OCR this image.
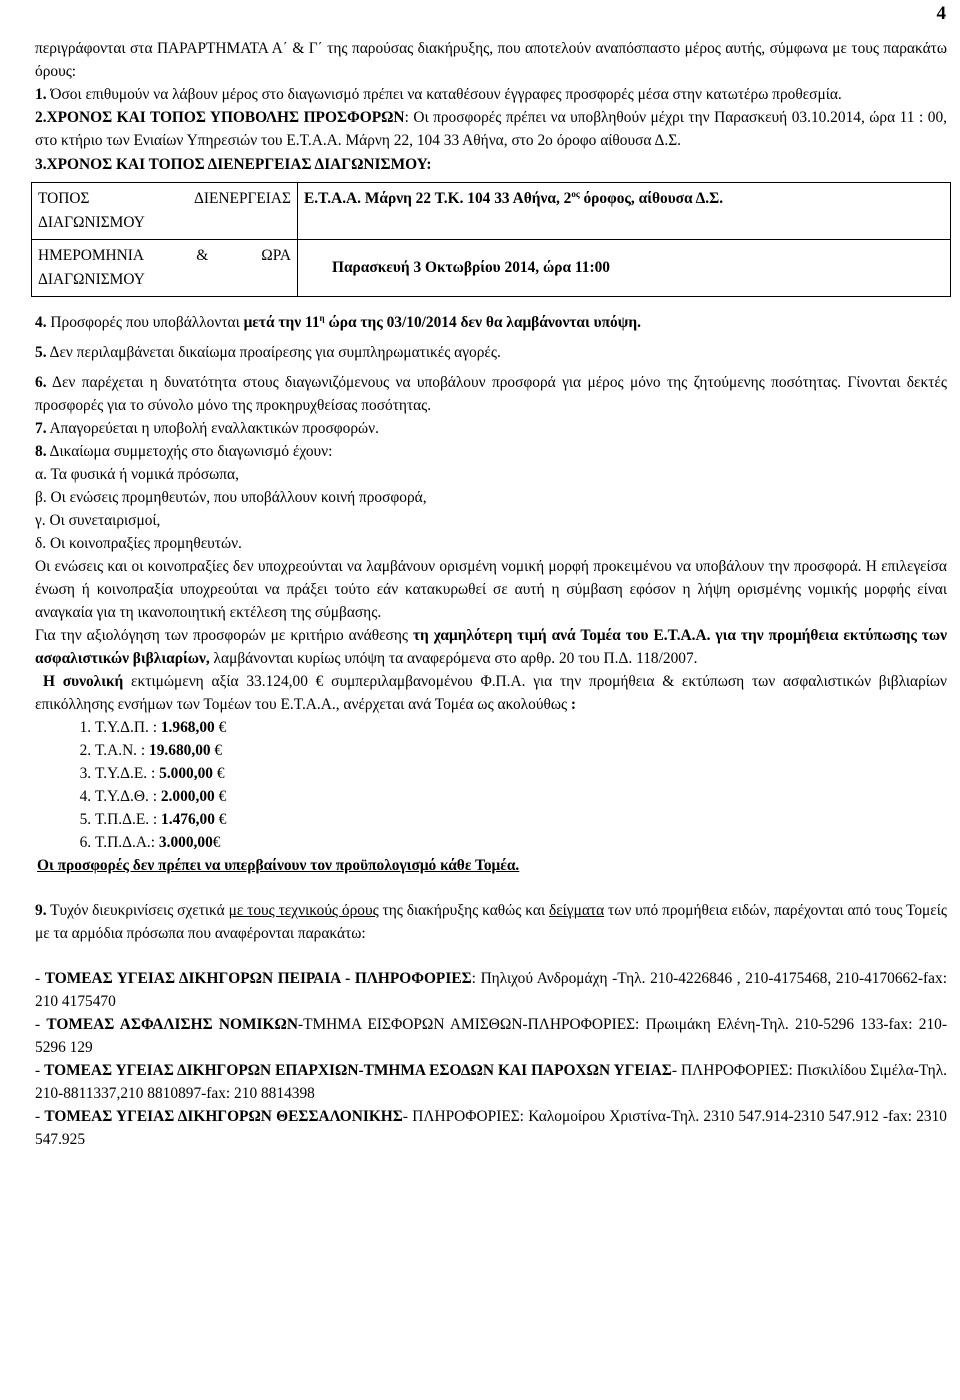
4

περιγράφονται στα ΠΑΡΑΡΤΗΜΑΤΑ Α΄ & Γ΄ της παρούσας διακήρυξης, που αποτελούν αναπόσπαστο μέρος αυτής, σύμφωνα με τους παρακάτω όρους:

1. Όσοι επιθυμούν να λάβουν μέρος στο διαγωνισμό πρέπει να καταθέσουν έγγραφες προσφορές μέσα στην κατωτέρω προθεσμία.

2.ΧΡΟΝΟΣ ΚΑΙ ΤΟΠΟΣ ΥΠΟΒΟΛΗΣ ΠΡΟΣΦΟΡΩΝ: Οι προσφορές πρέπει να υποβληθούν μέχρι την Παρασκευή 03.10.2014, ώρα 11 : 00, στο κτήριο των Ενιαίων Υπηρεσιών του Ε.Τ.Α.Α. Μάρνη 22, 104 33 Αθήνα, στο 2ο όροφο αίθουσα Δ.Σ.

3.ΧΡΟΝΟΣ ΚΑΙ ΤΟΠΟΣ ΔΙΕΝΕΡΓΕΙΑΣ ΔΙΑΓΩΝΙΣΜΟΥ:

ΤΟΠΟΣ ΔΙΕΝΕΡΓΕΙΑΣ ΔΙΑΓΩΝΙΣΜΟΥ	Ε.Τ.Α.Α. Μάρνη 22 Τ.Κ. 104 33 Αθήνα, $2^{o\varsigma}$ όροφος, αίθουσα Δ.Σ.
ΗΜΕΡΟΜΗΝΙΑ & ΩΡΑ ΔΙΑΓΩΝΙΣΜΟΥ	Παρασκευή 3 Οκτωβρίου 2014, ώρα 11:00

4. Προσφορές που υποβάλλονται μετά την $11^\eta$ ώρα της 03/10/2014 δεν θα λαμβάνονται υπόψη.

5. Δεν περιλαμβάνεται δικαίωμα προαίρεσης για συμπληρωματικές αγορές.

6. Δεν παρέχεται η δυνατότητα στους διαγωνιζόμενους να υποβάλουν προσφορά για μέρος μόνο της ζητούμενης ποσότητας. Γίνονται δεκτές προσφορές για το σύνολο μόνο της προκηρυχθείσας ποσότητας.

7. Απαγορεύεται η υποβολή εναλλακτικών προσφορών.

8. Δικαίωμα συμμετοχής στο διαγωνισμό έχουν:

α. Τα φυσικά ή νομικά πρόσωπα,

β. Οι ενώσεις προμηθευτών, που υποβάλλουν κοινή προσφορά,

γ. Οι συνεταιρισμοί,

δ. Οι κοινοπραξίες προμηθευτών.

Οι ενώσεις και οι κοινοπραξίες δεν υποχρεούνται να λαμβάνουν ορισμένη νομική μορφή προκειμένου να υποβάλουν την προσφορά. Η επιλεγείσα ένωση ή κοινοπραξία υποχρεούται να πράξει τούτο εάν κατακυρωθεί σε αυτή η σύμβαση εφόσον η λήψη ορισμένης νομικής μορφής είναι αναγκαία για τη ικανοποιητική εκτέλεση της σύμβασης.

Για την αξιολόγηση των προσφορών με κριτήριο ανάθεσης τη χαμηλότερη τιμή ανά Τομέα του Ε.Τ.Α.Α. για την προμήθεια εκτύπωσης των ασφαλιστικών βιβλιαρίων, λαμβάνονται κυρίως υπόψη τα αναφερόμενα στο αρθρ. 20 του Π.Δ. 118/2007.

Η συνολική εκτιμώμενη αξία 33.124,00 € συμπεριλαμβανομένου Φ.Π.Α. για την προμήθεια & εκτύπωση των ασφαλιστικών βιβλιαρίων επικόλλησης ενσήμων των Τομέων του Ε.Τ.Α.Α., ανέρχεται ανά Τομέα ως ακολούθως :

1. Τ.Υ.Δ.Π. : 1.968,00 €
2. Τ.Α.Ν. : 19.680,00 €
3. Τ.Υ.Δ.Ε. : 5.000,00 €
4. Τ.Υ.Δ.Θ. : 2.000,00 €
5. Τ.Π.Δ.Ε. : 1.476,00 €
6. Τ.Π.Δ.Α.: 3.000,00€

Οι προσφορές δεν πρέπει να υπερβαίνουν τον προϋπολογισμό κάθε Τομέα.

9. Τυχόν διευκρινίσεις σχετικά με τους τεχνικούς όρους της διακήρυξης καθώς και δείγματα των υπό προμήθεια ειδών, παρέχονται από τους Τομείς με τα αρμόδια πρόσωπα που αναφέρονται παρακάτω:

- ΤΟΜΕΑΣ ΥΓΕΙΑΣ ΔΙΚΗΓΟΡΩΝ ΠΕΙΡΑΙΑ - ΠΛΗΡΟΦΟΡΙΕΣ: Πηλιχού Ανδρομάχη -Τηλ. 210-4226846 , 210-4175468, 210-4170662-fax: 210 4175470

- ΤΟΜΕΑΣ ΑΣΦΑΛΙΣΗΣ ΝΟΜΙΚΩΝ-ΤΜΗΜΑ ΕΙΣΦΟΡΩΝ ΑΜΙΣΘΩΝ-ΠΛΗΡΟΦΟΡΙΕΣ: Πρωιμάκη Ελένη-Τηλ. 210-5296 133-fax: 210-5296 129

- ΤΟΜΕΑΣ ΥΓΕΙΑΣ ΔΙΚΗΓΟΡΩΝ ΕΠΑΡΧΙΩΝ-ΤΜΗΜΑ ΕΣΟΔΩΝ ΚΑΙ ΠΑΡΟΧΩΝ ΥΓΕΙΑΣ- ΠΛΗΡΟΦΟΡΙΕΣ: Πισκιλίδου Σιμέλα-Τηλ. 210-8811337,210 8810897-fax: 210 8814398

- ΤΟΜΕΑΣ ΥΓΕΙΑΣ ΔΙΚΗΓΟΡΩΝ ΘΕΣΣΑΛΟΝΙΚΗΣ- ΠΛΗΡΟΦΟΡΙΕΣ: Καλομοίρου Χριστίνα-Τηλ. 2310 547.914-2310 547.912 -fax: 2310 547.925
